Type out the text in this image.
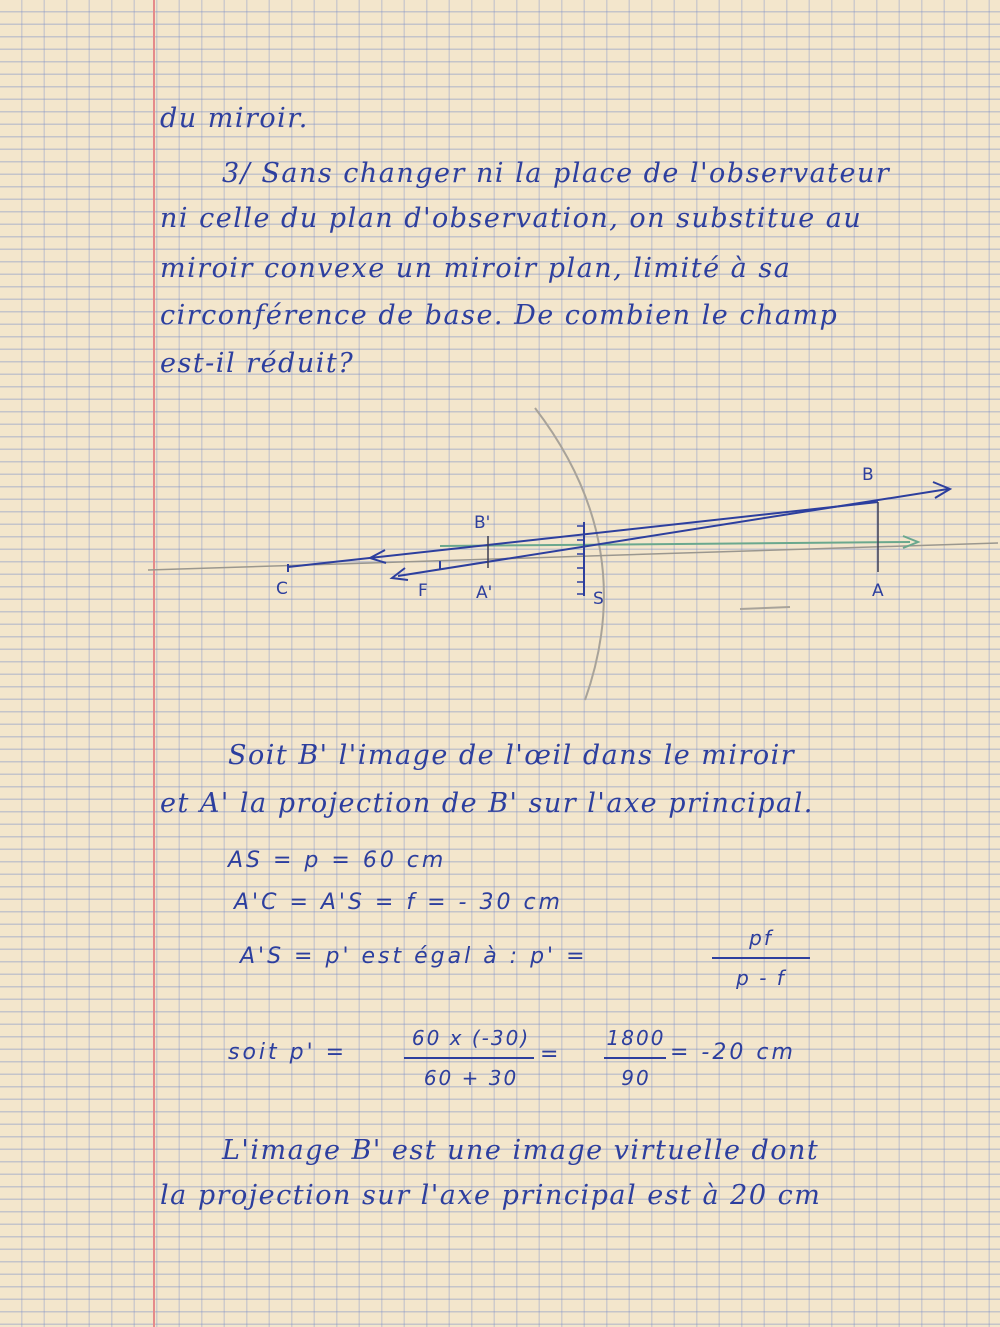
du miroir.
3/ Sans changer ni la place de l'observateur
ni celle du plan d'observation, on substitue au
miroir convexe un miroir plan, limité à sa
circonférence de base. De combien le champ
est-il réduit?
B
B'
C	F	A'	S	A
Soit B' l'image de l'œil dans le miroir
et A' la projection de B' sur l'axe principal.
AS = p = 60 cm
A'C = A'S = f = - 30 cm
A'S = p' est égal à : p' =
pf
p - f
soit p' =
60 x (-30)
60 + 30
=
1800
90
= -20 cm
L'image B' est une image virtuelle dont
la projection sur l'axe principal est à 20 cm
